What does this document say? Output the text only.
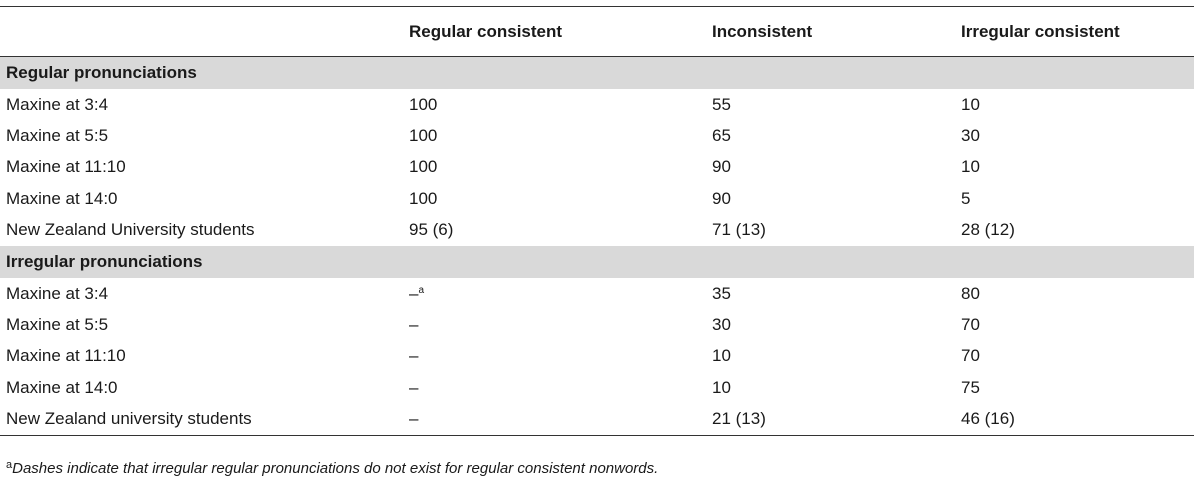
	Regular consistent	Inconsistent	Irregular consistent
Regular pronunciations			
Maxine at 3:4	100	55	10
Maxine at 5:5	100	65	30
Maxine at 11:10	100	90	10
Maxine at 14:0	100	90	5
New Zealand University students	95 (6)	71 (13)	28 (12)
Irregular pronunciations			
Maxine at 3:4	–$^a$	35	80
Maxine at 5:5	–	30	70
Maxine at 11:10	–	10	70
Maxine at 14:0	–	10	75
New Zealand university students	–	21 (13)	46 (16)
$^a$Dashes indicate that irregular regular pronunciations do not exist for regular consistent nonwords.
